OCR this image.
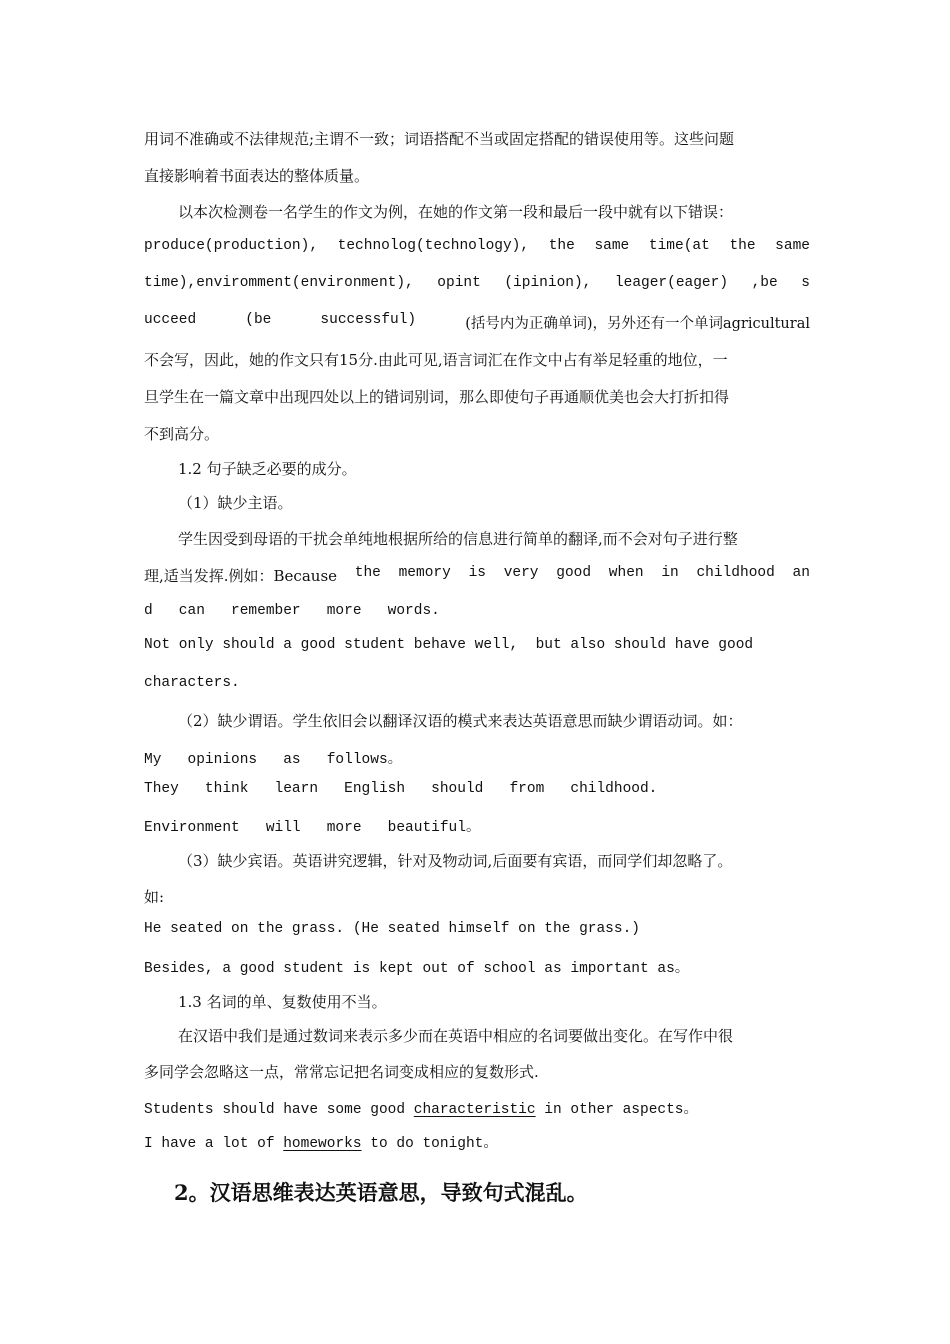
用词不准确或不法律规范;主谓不一致；词语搭配不当或固定搭配的错误使用等。这些问题
直接影响着书面表达的整体质量。
以本次检测卷一名学生的作文为例，在她的作文第一段和最后一段中就有以下错误：
produce(production), technolog(technology), the same time(at the same
time),enviromment(environment), opint (ipinion), leager(eager) ,be s
ucceed	(be	successful)	(括号内为正确单词)，另外还有一个单词agricultural
不会写，因此，她的作文只有15分.由此可见,语言词汇在作文中占有举足轻重的地位，一
旦学生在一篇文章中出现四处以上的错词别词，那么即使句子再通顺优美也会大打折扣得
不到高分。
1.2 句子缺乏必要的成分。
（1）缺少主语。
学生因受到母语的干扰会单纯地根据所给的信息进行简单的翻译,而不会对句子进行整
理,适当发挥.例如：Because the memory is very good when in childhood an
d   can   remember   more   words.
Not only should a good student behave well,  but also should have good
characters.
（2）缺少谓语。学生依旧会以翻译汉语的模式来表达英语意思而缺少谓语动词。如：
My   opinions   as   follows。
They   think   learn   English   should   from   childhood.
Environment   will   more   beautiful。
（3）缺少宾语。英语讲究逻辑，针对及物动词,后面要有宾语，而同学们却忽略了。
如:
He seated on the grass. (He seated himself on the grass.)
Besides, a good student is kept out of school as important as。
1.3 名词的单、复数使用不当。
在汉语中我们是通过数词来表示多少而在英语中相应的名词要做出变化。在写作中很
多同学会忽略这一点，常常忘记把名词变成相应的复数形式.
Students should have some good characteristic in other aspects。
I have a lot of homeworks to do tonight。
2。汉语思维表达英语意思，导致句式混乱。
